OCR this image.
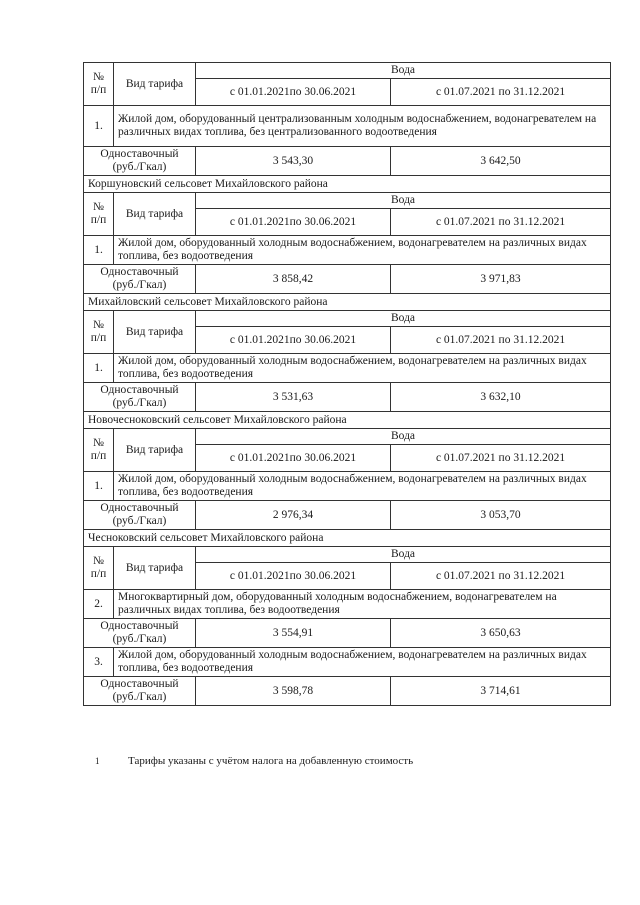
№ п/п	Вид тарифа	Вода	
		с 01.01.2021по 30.06.2021	с 01.07.2021 по 31.12.2021
1.	Жилой дом, оборудованный централизованным холодным водоснабжением, водонагревателем на различных видах топлива, без централизованного водоотведения		
Одноставочный (руб./Гкал)		3 543,30	3 642,50
Коршуновский сельсовет Михайловского района			
№ п/п	Вид тарифа	Вода	
		с 01.01.2021по 30.06.2021	с 01.07.2021 по 31.12.2021
1.	Жилой дом, оборудованный холодным водоснабжением, водонагревателем на различных видах топлива, без водоотведения		
Одноставочный (руб./Гкал)		3 858,42	3 971,83
Михайловский сельсовет Михайловского района			
№ п/п	Вид тарифа	Вода	
		с 01.01.2021по 30.06.2021	с 01.07.2021 по 31.12.2021
1.	Жилой дом, оборудованный холодным водоснабжением, водонагревателем на различных видах топлива, без водоотведения		
Одноставочный (руб./Гкал)		3 531,63	3 632,10
Новочесноковский сельсовет Михайловского района			
№ п/п	Вид тарифа	Вода	
		с 01.01.2021по 30.06.2021	с 01.07.2021 по 31.12.2021
1.	Жилой дом, оборудованный холодным водоснабжением, водонагревателем на различных видах топлива, без водоотведения		
Одноставочный (руб./Гкал)		2 976,34	3 053,70
Чесноковский сельсовет Михайловского района			
№ п/п	Вид тарифа	Вода	
		с 01.01.2021по 30.06.2021	с 01.07.2021 по 31.12.2021
2.	Многоквартирный дом, оборудованный холодным водоснабжением, водонагревателем на различных видах топлива, без водоотведения		
Одноставочный (руб./Гкал)		3 554,91	3 650,63
3.	Жилой дом, оборудованный холодным водоснабжением, водонагревателем на различных видах топлива, без водоотведения		
Одноставочный (руб./Гкал)		3 598,78	3 714,61
1	Тарифы указаны с учётом налога на добавленную стоимость
